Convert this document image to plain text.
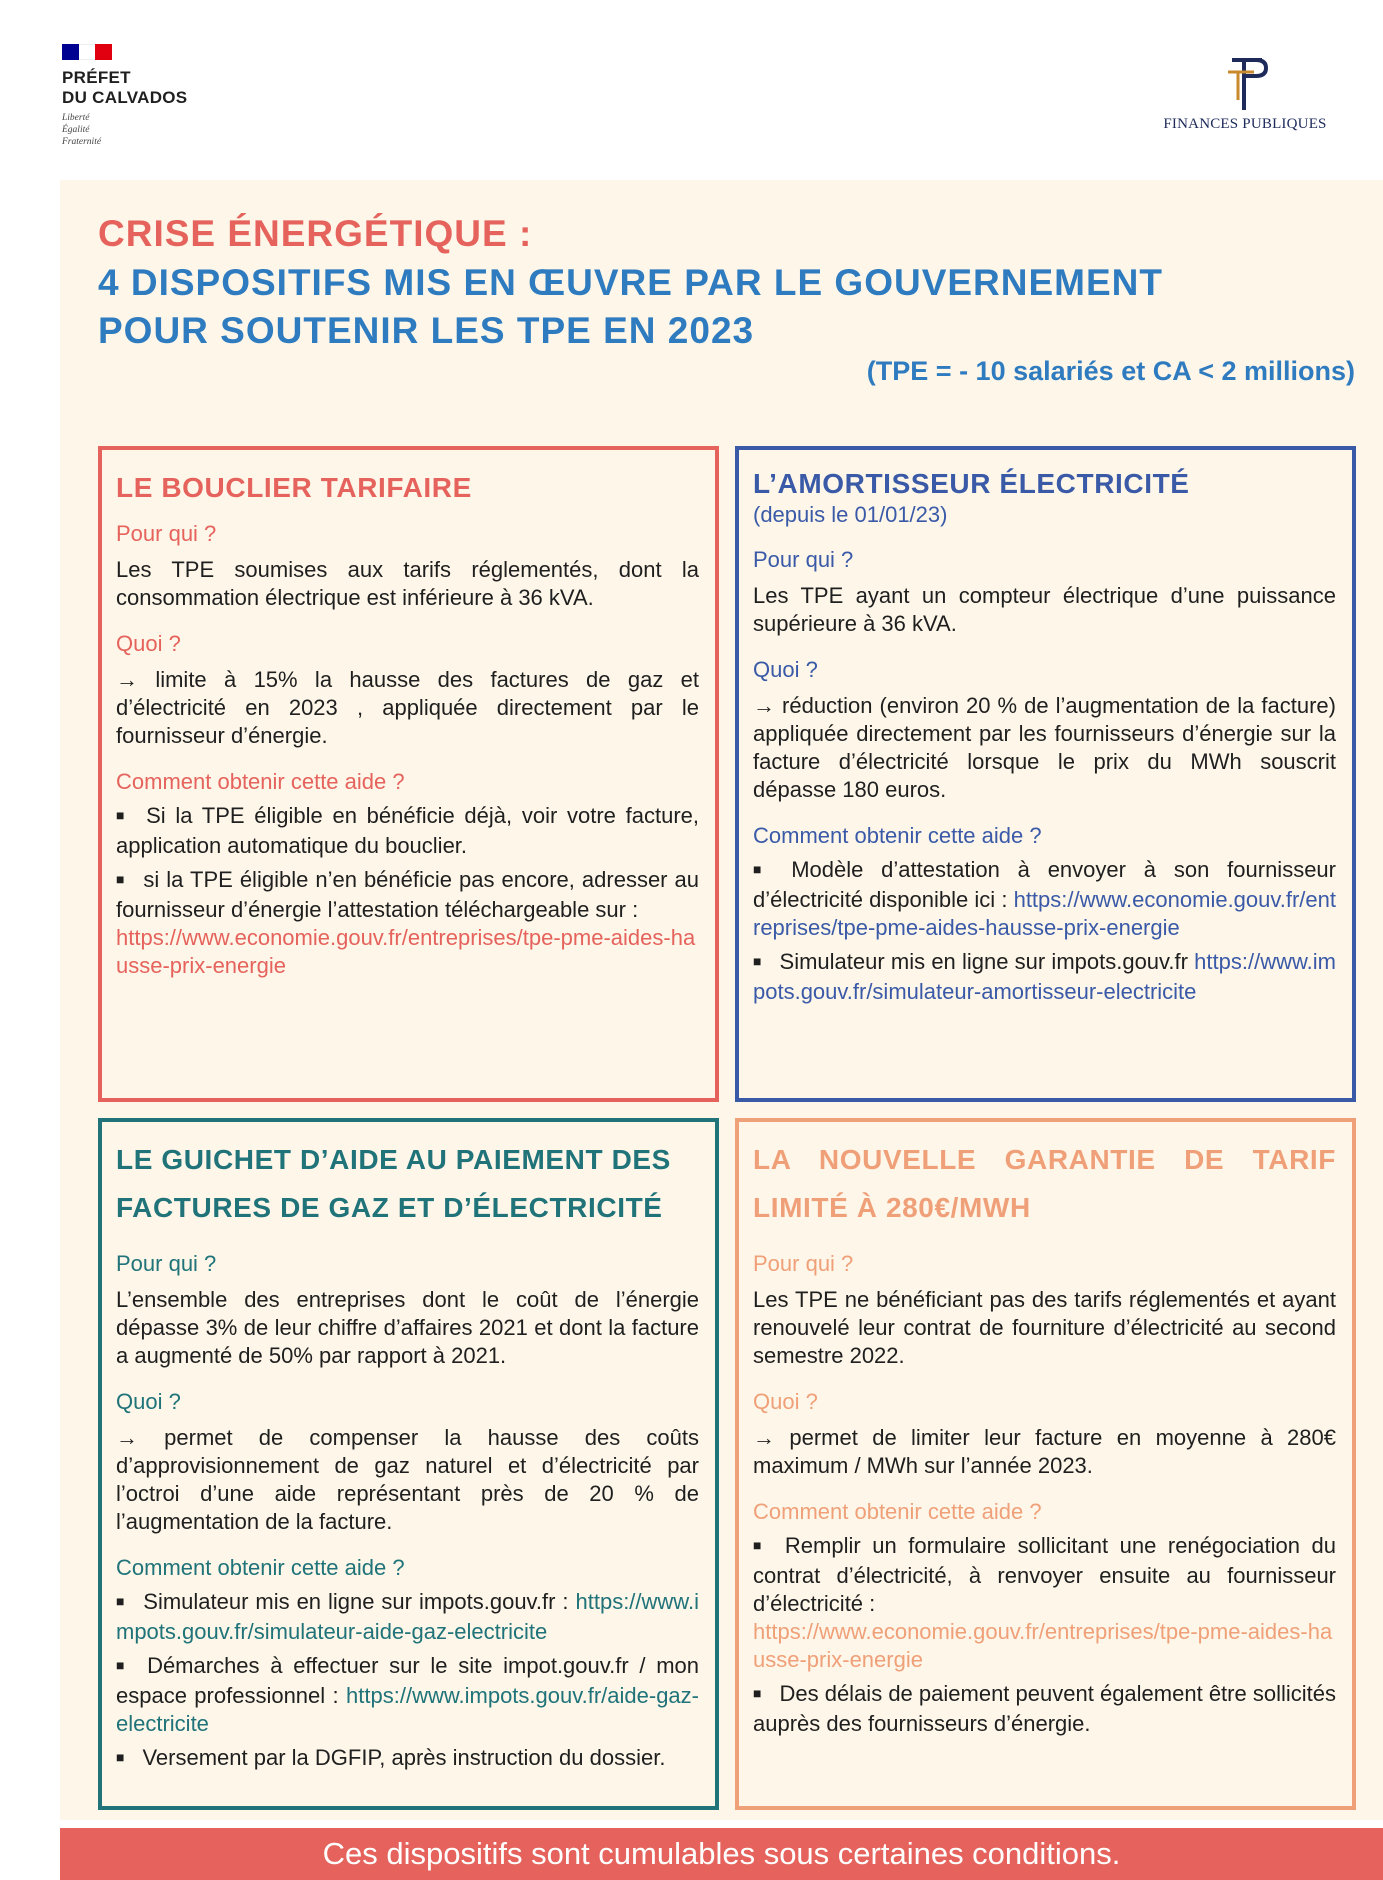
PRÉFET
DU CALVADOS
Liberté
Égalité
Fraternité
FINANCES PUBLIQUES
CRISE ÉNERGÉTIQUE :
4 DISPOSITIFS MIS EN ŒUVRE PAR LE GOUVERNEMENT
POUR SOUTENIR LES TPE EN 2023
(TPE = - 10 salariés et CA < 2 millions)
LE BOUCLIER TARIFAIRE
Pour qui ?
Les TPE soumises aux tarifs réglementés, dont la consommation électrique est inférieure à 36 kVA.
Quoi ?
→ limite à 15% la hausse des factures de gaz et d’électricité en 2023 , appliquée directement par le fournisseur d’énergie.
Comment obtenir cette aide ?
■ Si la TPE éligible en bénéficie déjà, voir votre facture, application automatique du bouclier.
■ si la TPE éligible n’en bénéficie pas encore, adresser au fournisseur d’énergie l’attestation téléchargeable sur :
https://www.economie.gouv.fr/entreprises/tpe-pme-aides-hausse-prix-energie
L’AMORTISSEUR ÉLECTRICITÉ
(depuis le 01/01/23)
Pour qui ?
Les TPE ayant un compteur électrique d’une puissance supérieure à 36 kVA.
Quoi ?
→ réduction (environ 20 % de l’augmentation de la facture) appliquée directement par les fournisseurs d’énergie sur la facture d’électricité lorsque le prix du MWh souscrit dépasse 180 euros.
Comment obtenir cette aide ?
■ Modèle d’attestation à envoyer à son fournisseur d’électricité disponible ici : https://www.economie.gouv.fr/entreprises/tpe-pme-aides-hausse-prix-energie
■ Simulateur mis en ligne sur impots.gouv.fr https://www.impots.gouv.fr/simulateur-amortisseur-electricite
LE GUICHET D’AIDE AU PAIEMENT DES
FACTURES DE GAZ ET D’ÉLECTRICITÉ
Pour qui ?
L’ensemble des entreprises dont le coût de l’énergie dépasse 3% de leur chiffre d’affaires 2021 et dont la facture a augmenté de 50% par rapport à 2021.
Quoi ?
→ permet de compenser la hausse des coûts d’approvisionnement de gaz naturel et d’électricité par l’octroi d’une aide représentant près de 20 % de l’augmentation de la facture.
Comment obtenir cette aide ?
■ Simulateur mis en ligne sur impots.gouv.fr : https://www.impots.gouv.fr/simulateur-aide-gaz-electricite
■ Démarches à effectuer sur le site impot.gouv.fr / mon espace professionnel : https://www.impots.gouv.fr/aide-gaz-electricite
■ Versement par la DGFIP, après instruction du dossier.
LA NOUVELLE GARANTIE DE TARIF
LIMITÉ À 280€/MWH
Pour qui ?
Les TPE ne bénéficiant pas des tarifs réglementés et ayant renouvelé leur contrat de fourniture d’électricité au second semestre 2022.
Quoi ?
→ permet de limiter leur facture en moyenne à 280€ maximum / MWh sur l’année 2023.
Comment obtenir cette aide ?
■ Remplir un formulaire sollicitant une renégociation du contrat d’électricité, à renvoyer ensuite au fournisseur d’électricité :
https://www.economie.gouv.fr/entreprises/tpe-pme-aides-hausse-prix-energie
■ Des délais de paiement peuvent également être sollicités auprès des fournisseurs d’énergie.
Ces dispositifs sont cumulables sous certaines conditions.
